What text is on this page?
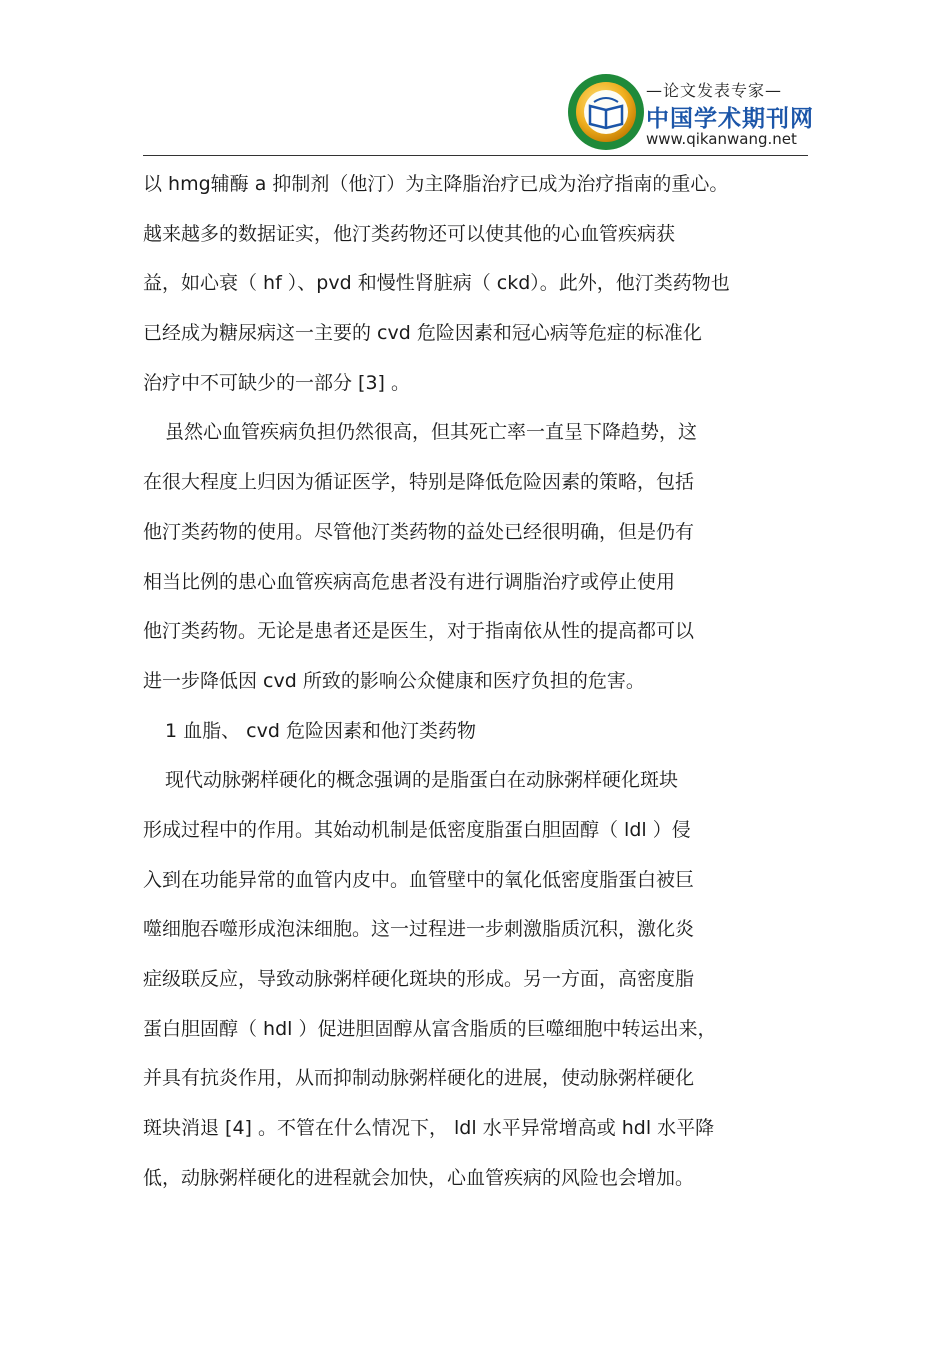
—论文发表专家—
中国学术期刊网
www.qikanwang.net
以 hmg辅酶 a 抑制剂（他汀）为主降脂治疗已成为治疗指南的重心。
越来越多的数据证实，他汀类药物还可以使其他的心血管疾病获
益，如心衰（ hf ）、pvd 和慢性肾脏病（ ckd）。此外，他汀类药物也
已经成为糖尿病这一主要的 cvd 危险因素和冠心病等危症的标准化
治疗中不可缺少的一部分 [3] 。
虽然心血管疾病负担仍然很高，但其死亡率一直呈下降趋势，这
在很大程度上归因为循证医学，特别是降低危险因素的策略，包括
他汀类药物的使用。尽管他汀类药物的益处已经很明确，但是仍有
相当比例的患心血管疾病高危患者没有进行调脂治疗或停止使用
他汀类药物。无论是患者还是医生，对于指南依从性的提高都可以
进一步降低因 cvd 所致的影响公众健康和医疗负担的危害。
1 血脂、 cvd 危险因素和他汀类药物
现代动脉粥样硬化的概念强调的是脂蛋白在动脉粥样硬化斑块
形成过程中的作用。其始动机制是低密度脂蛋白胆固醇（ ldl ）侵
入到在功能异常的血管内皮中。血管壁中的氧化低密度脂蛋白被巨
噬细胞吞噬形成泡沫细胞。这一过程进一步刺激脂质沉积，激化炎
症级联反应，导致动脉粥样硬化斑块的形成。另一方面，高密度脂
蛋白胆固醇（ hdl ）促进胆固醇从富含脂质的巨噬细胞中转运出来，
并具有抗炎作用，从而抑制动脉粥样硬化的进展，使动脉粥样硬化
斑块消退 [4] 。不管在什么情况下， ldl 水平异常增高或 hdl 水平降
低，动脉粥样硬化的进程就会加快，心血管疾病的风险也会增加。
